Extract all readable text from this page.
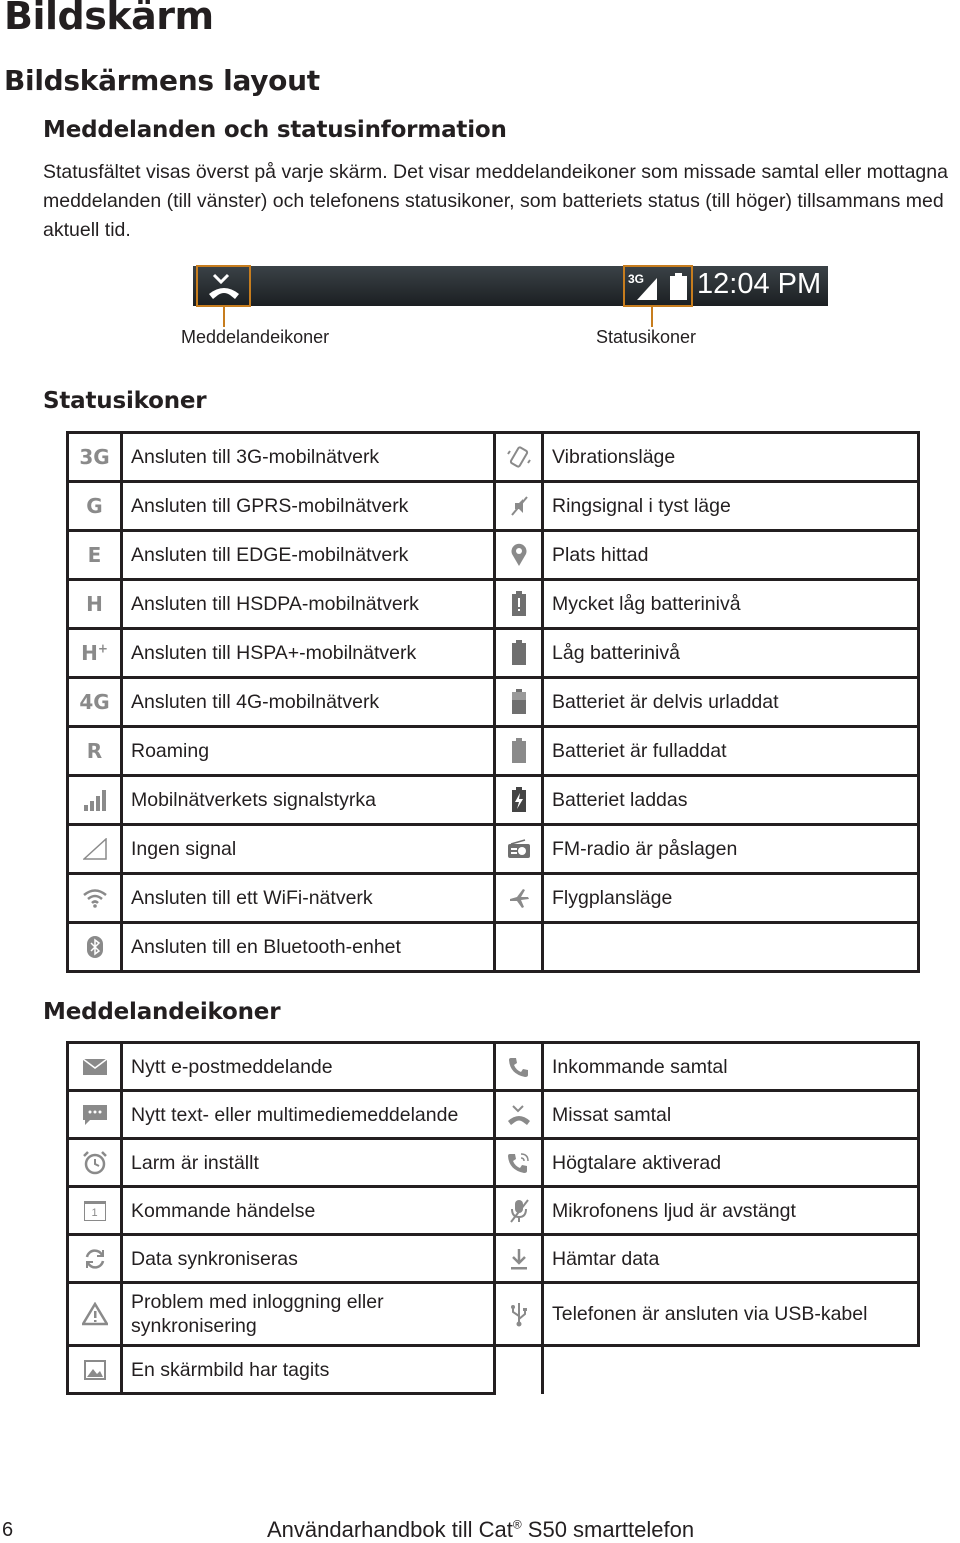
Bildskärm
Bildskärmens layout
Meddelanden och statusinformation

Statusfältet visas överst på varje skärm. Det visar meddelandeikoner som missade samtal eller mottagna meddelanden (till vänster) och telefonens statusikoner, som batteriets status (till höger) tillsammans med aktuell tid.

3G 12:04 PM
Meddelandeikoner	Statusikoner
Statusikoner
3G	Ansluten till 3G-mobilnätverk		Vibrationsläge
G	Ansluten till GPRS-mobilnätverk		Ringsignal i tyst läge
E	Ansluten till EDGE-mobilnätverk		Plats hittad
H	Ansluten till HSDPA-mobilnätverk		Mycket låg batterinivå
H+	Ansluten till HSPA+-mobilnätverk		Låg batterinivå
4G	Ansluten till 4G-mobilnätverk		Batteriet är delvis urladdat
R	Roaming		Batteriet är fulladdat

	Mobilnätverkets signalstyrka		Batteriet laddas

	Ingen signal		FM-radio är påslagen

	Ansluten till ett WiFi-nätverk		Flygplansläge

	Ansluten till en Bluetooth-enhet		
Meddelandeikoner
	Nytt e-postmeddelande		Inkommande samtal

	Nytt text- eller multimediemeddelande		Missat samtal

	Larm är inställt		Högtalare aktiverad

1	Kommande händelse		Mikrofonens ljud är avstängt

	Data synkroniseras		Hämtar data

	Problem med inloggning eller synkronisering		Telefonen är ansluten via USB-kabel

	En skärmbild har tagits		
6	Användarhandbok till Cat® S50 smarttelefon
